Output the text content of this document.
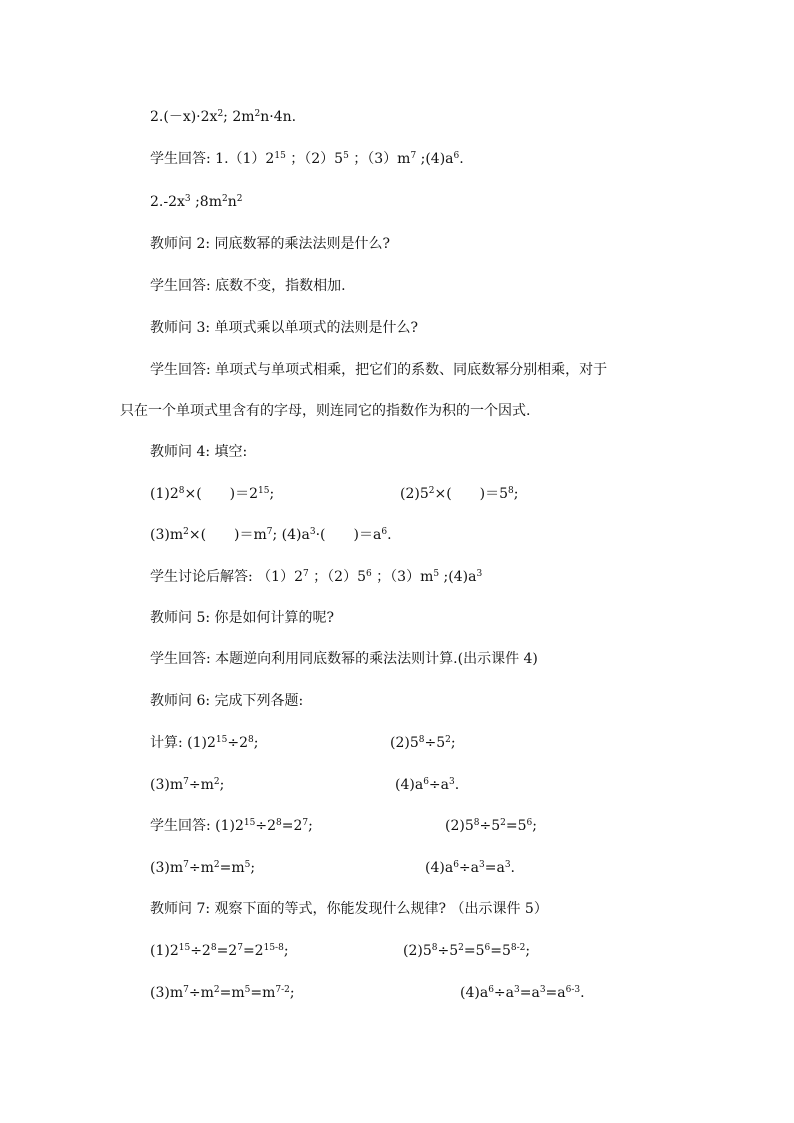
$2.(-x)\cdot 2x^2$; $2m^2n\cdot 4n$.
学生回答: $1.(1)2^{15}$ ；$(2)5^5$ ；$(3)m^7$ $;(4)a^6$.
$2.-2x^3$ $;8m^2n^2$
教师问 2: 同底数幂的乘法法则是什么?
学生回答: 底数不变，指数相加.
教师问 3: 单项式乘以单项式的法则是什么?
学生回答: 单项式与单项式相乘，把它们的系数、同底数幂分别相乘，对于
只在一个单项式里含有的字母，则连同它的指数作为积的一个因式.
教师问 4: 填空:
$(1)2^8\times$(　　)$=2^{15}$;	$(2)5^2\times$(　　)$=5^8$;
$(3)m^2\times$(　　)$=m^7$; $(4)a^3\cdot$(　　)$=a^6$.
学生讨论后解答: $(1)2^7$ ；$(2)5^6$ ；$(3)m^5$ $;(4)a^3$
教师问 5: 你是如何计算的呢?
学生回答: 本题逆向利用同底数幂的乘法法则计算.(出示课件 4)
教师问 6: 完成下列各题:
计算: $(1)2^{15}\div 2^8$;	$(2)5^8\div 5^2$;
$(3)m^7\div m^2$;	$(4)a^6\div a^3$.
学生回答: $(1)2^{15}\div 2^8=2^7$;	$(2)5^8\div 5^2=5^6$;
$(3)m^7\div m^2=m^5$;	$(4)a^6\div a^3=a^3$.
教师问 7: 观察下面的等式，你能发现什么规律? （出示课件 5）
$(1)2^{15}\div 2^8=2^7=2^{15-8}$;	$(2)5^8\div 5^2=5^6=5^{8-2}$;
$(3)m^7\div m^2=m^5=m^{7-2}$;	$(4)a^6\div a^3=a^3=a^{6-3}$.
